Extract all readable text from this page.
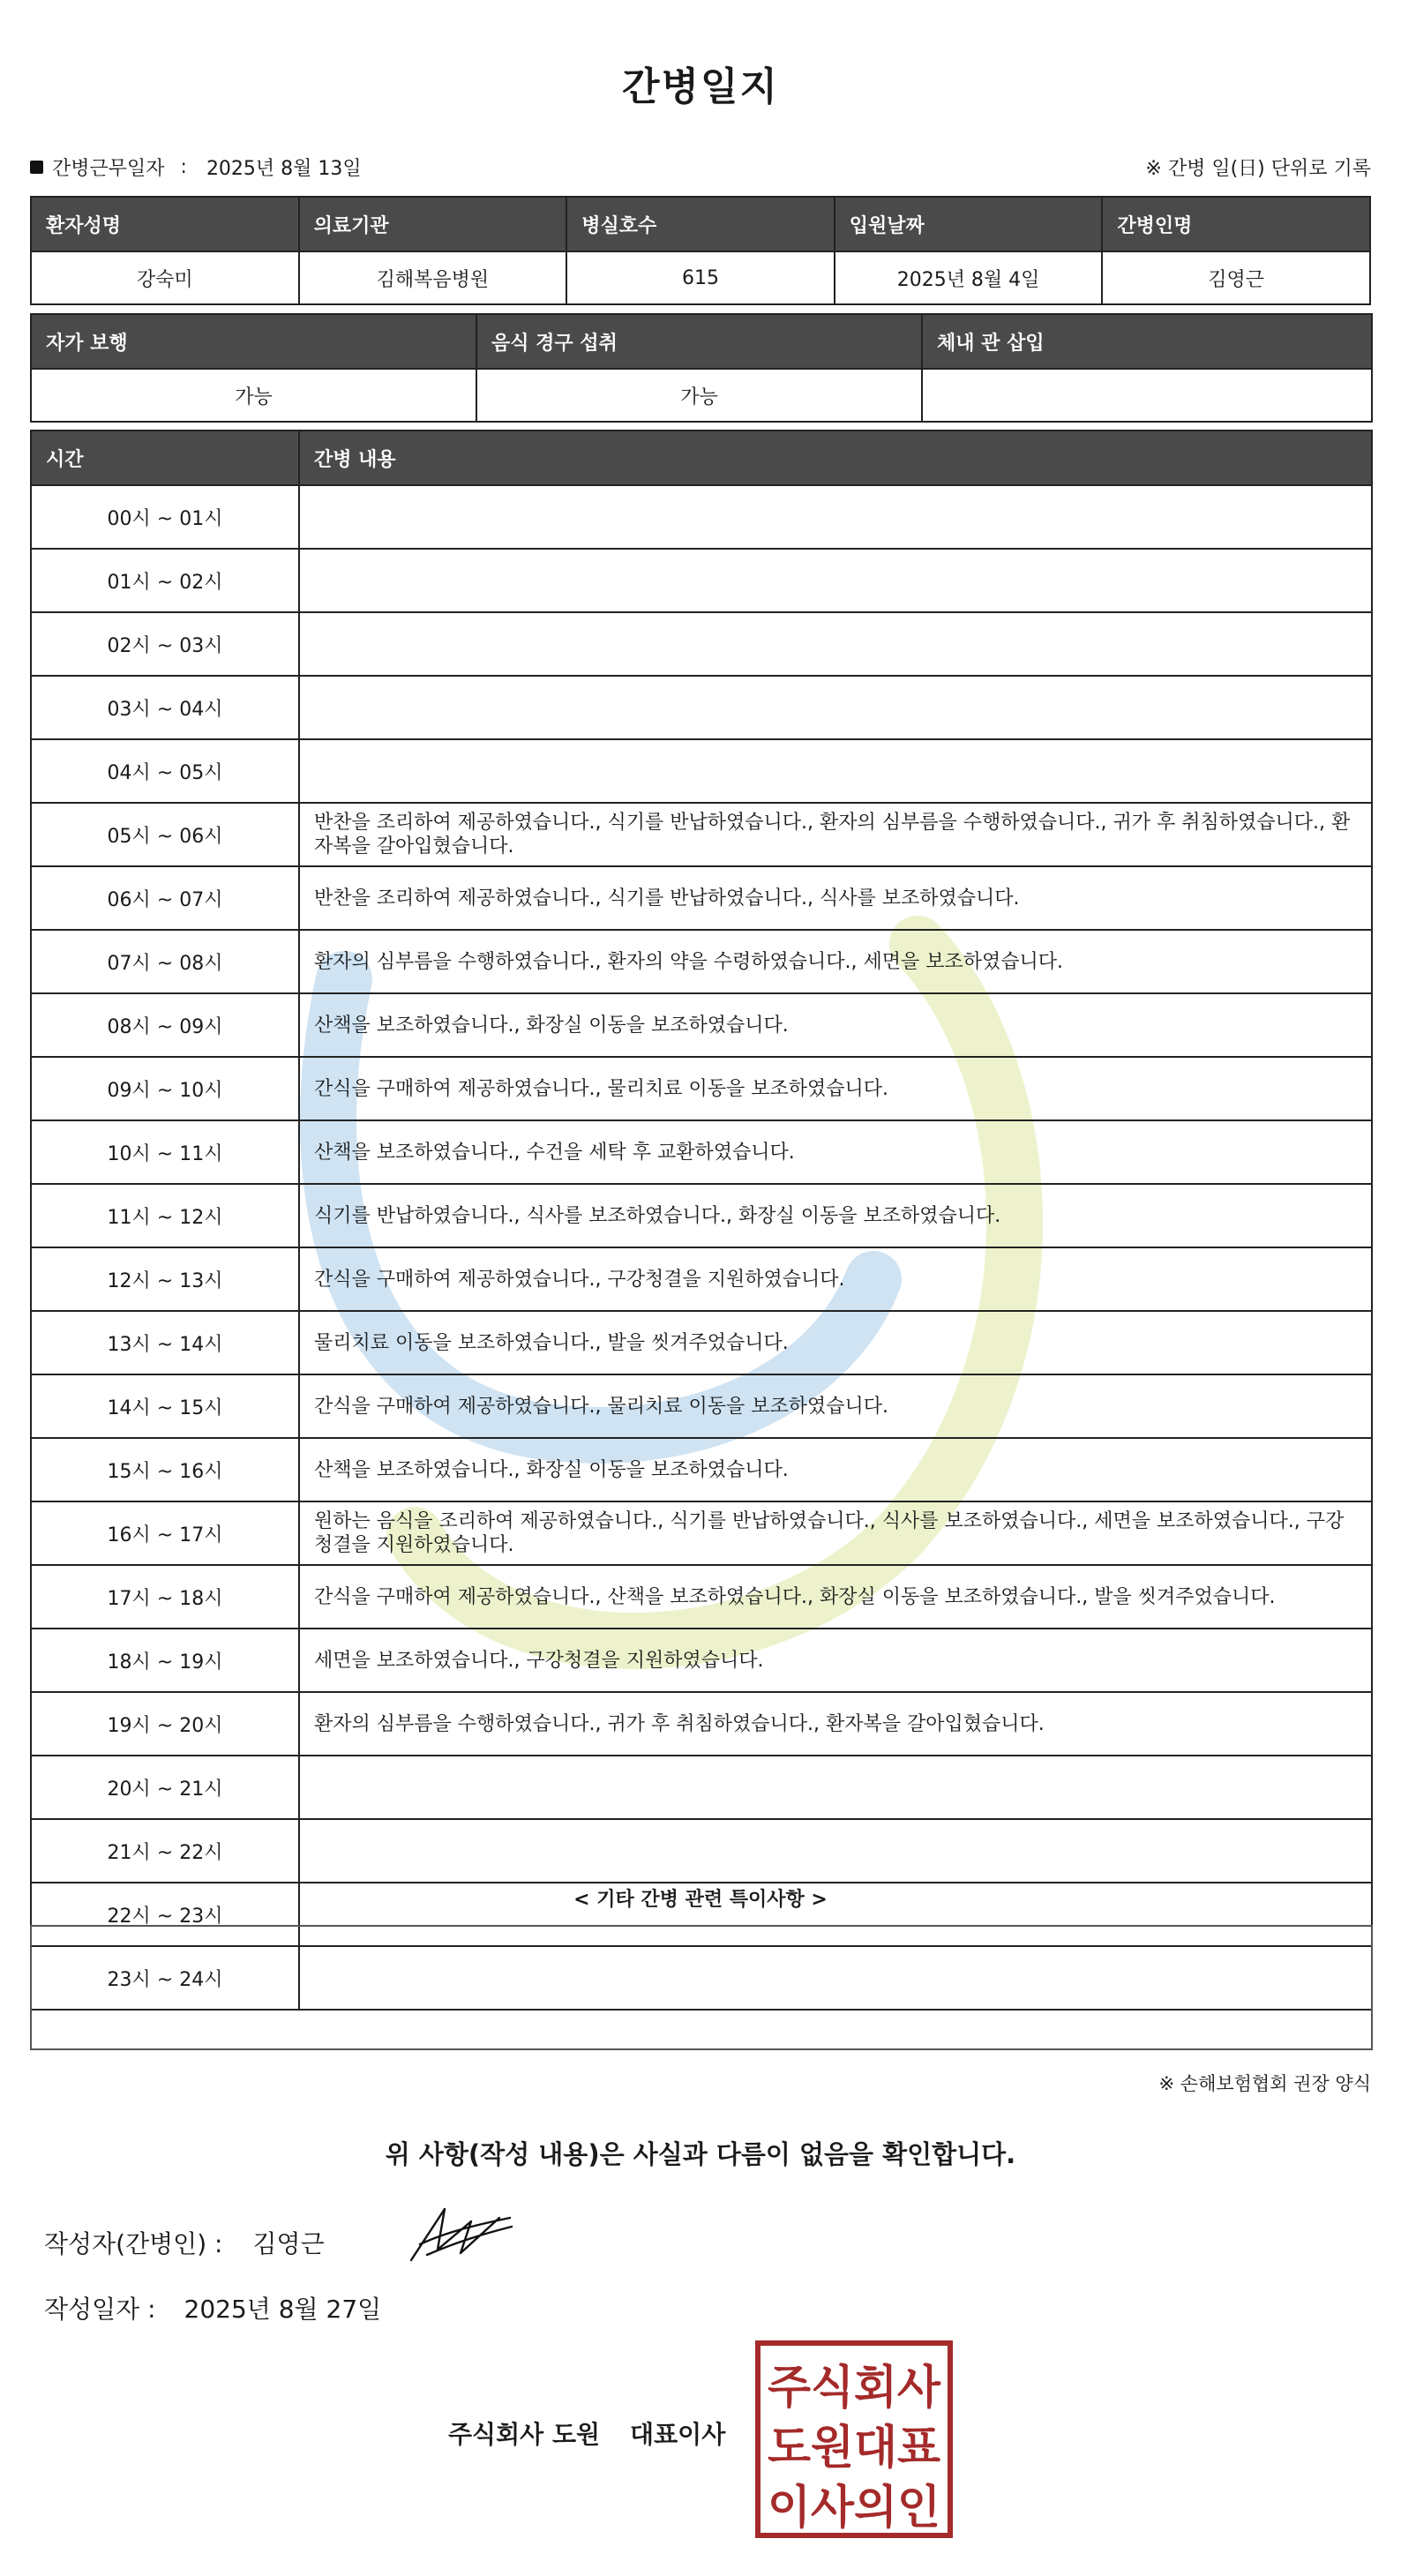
간병일지
간병근무일자 : 2025년 8월 13일	※ 간병 일(日) 단위로 기록
환자성명	의료기관	병실호수	입원날짜	간병인명
강숙미	김해복음병원	615	2025년 8월 4일	김영근
자가 보행	음식 경구 섭취	체내 관 삽입
가능	가능	
시간	간병 내용
00시 ~ 01시	
01시 ~ 02시	
02시 ~ 03시	
03시 ~ 04시	
04시 ~ 05시	
05시 ~ 06시	반찬을 조리하여 제공하였습니다., 식기를 반납하였습니다., 환자의 심부름을 수행하였습니다., 귀가 후 취침하였습니다., 환자복을 갈아입혔습니다.
06시 ~ 07시	반찬을 조리하여 제공하였습니다., 식기를 반납하였습니다., 식사를 보조하였습니다.
07시 ~ 08시	환자의 심부름을 수행하였습니다., 환자의 약을 수령하였습니다., 세면을 보조하였습니다.
08시 ~ 09시	산책을 보조하였습니다., 화장실 이동을 보조하였습니다.
09시 ~ 10시	간식을 구매하여 제공하였습니다., 물리치료 이동을 보조하였습니다.
10시 ~ 11시	산책을 보조하였습니다., 수건을 세탁 후 교환하였습니다.
11시 ~ 12시	식기를 반납하였습니다., 식사를 보조하였습니다., 화장실 이동을 보조하였습니다.
12시 ~ 13시	간식을 구매하여 제공하였습니다., 구강청결을 지원하였습니다.
13시 ~ 14시	물리치료 이동을 보조하였습니다., 발을 씻겨주었습니다.
14시 ~ 15시	간식을 구매하여 제공하였습니다., 물리치료 이동을 보조하였습니다.
15시 ~ 16시	산책을 보조하였습니다., 화장실 이동을 보조하였습니다.
16시 ~ 17시	원하는 음식을 조리하여 제공하였습니다., 식기를 반납하였습니다., 식사를 보조하였습니다., 세면을 보조하였습니다., 구강청결을 지원하였습니다.
17시 ~ 18시	간식을 구매하여 제공하였습니다., 산책을 보조하였습니다., 화장실 이동을 보조하였습니다., 발을 씻겨주었습니다.
18시 ~ 19시	세면을 보조하였습니다., 구강청결을 지원하였습니다.
19시 ~ 20시	환자의 심부름을 수행하였습니다., 귀가 후 취침하였습니다., 환자복을 갈아입혔습니다.
20시 ~ 21시	
21시 ~ 22시	
22시 ~ 23시	
23시 ~ 24시	
< 기타 간병 관련 특이사항 >
※ 손해보험협회 권장 양식
위 사항(작성 내용)은 사실과 다름이 없음을 확인합니다.
작성자(간병인) : 김영근
작성일자 : 2025년 8월 27일
주식회사 도원 대표이사
주식회사
도원대표
이사의인
